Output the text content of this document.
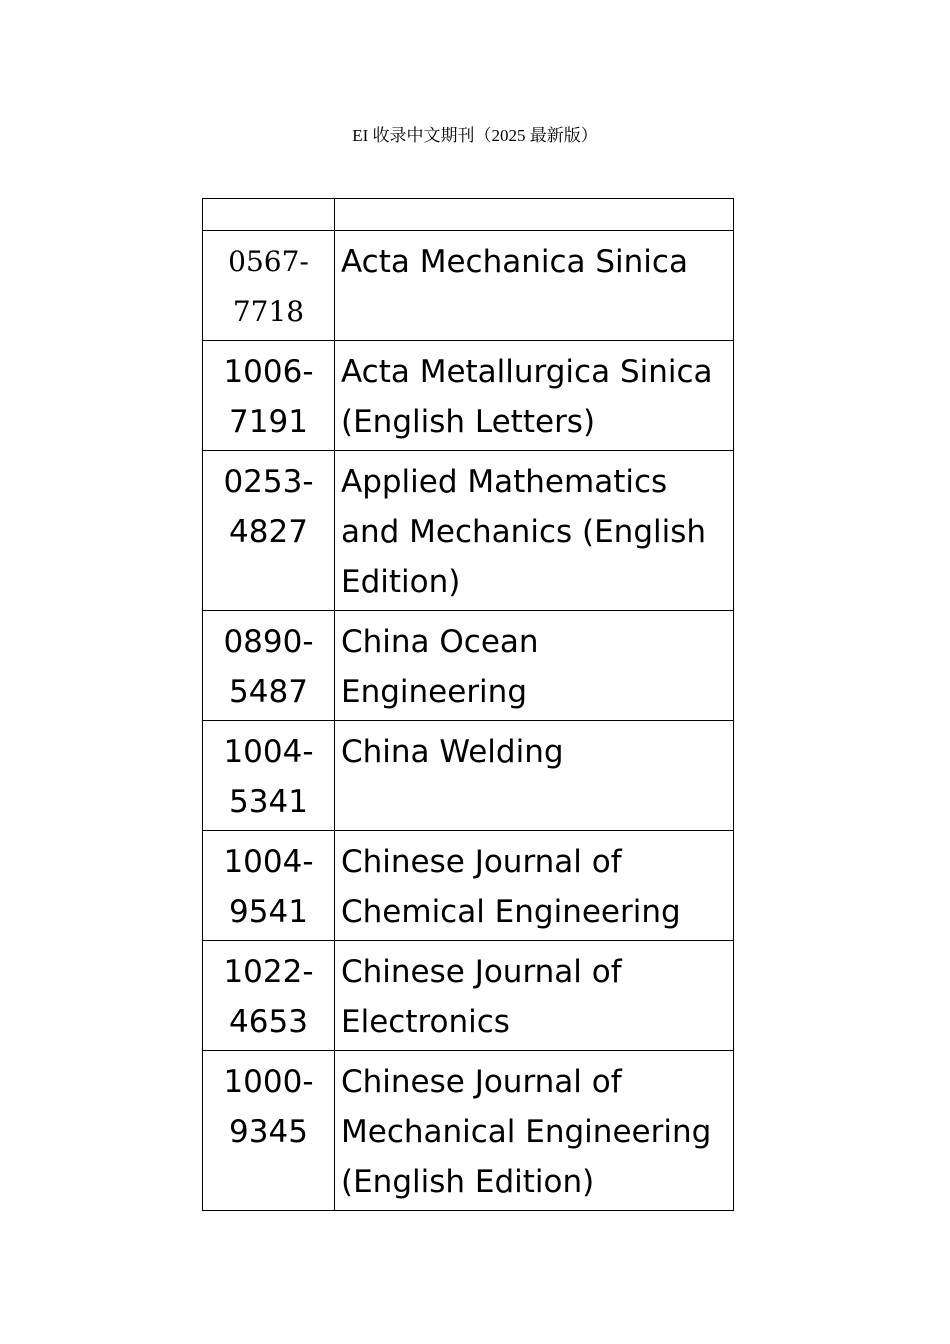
EI 收录中文期刊（2025 最新版）

0567-7718	Acta Mechanica Sinica
1006-7191	Acta Metallurgica Sinica (English Letters)
0253-4827	Applied Mathematics and Mechanics (English Edition)
0890-5487	China Ocean Engineering
1004-5341	China Welding
1004-9541	Chinese Journal of Chemical Engineering
1022-4653	Chinese Journal of Electronics
1000-9345	Chinese Journal of Mechanical Engineering (English Edition)
